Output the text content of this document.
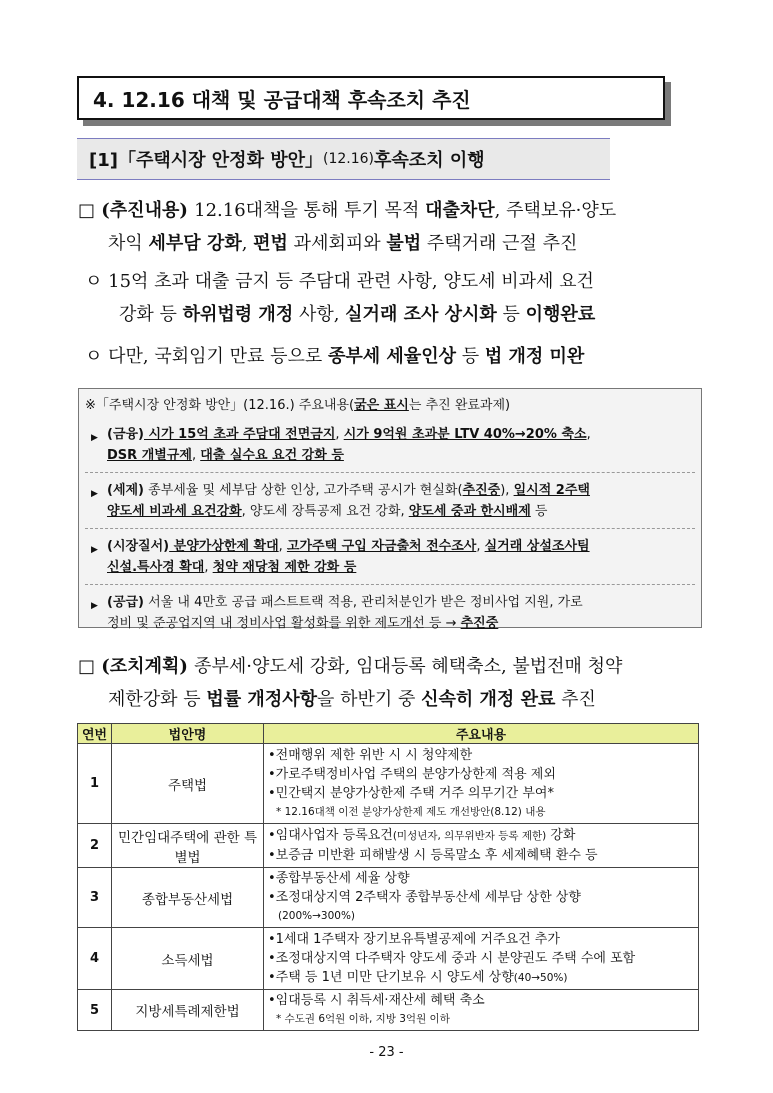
4. 12.16 대책 및 공급대책 후속조치 추진
[1]「주택시장 안정화 방안」 (12.16) 후속조치 이행
□ (추진내용) 12.16대책을 통해 투기 목적 대출차단, 주택보유·양도
차익 세부담 강화, 편법 과세회피와 불법 주택거래 근절 추진
ㅇ 15억 초과 대출 금지 등 주담대 관련 사항, 양도세 비과세 요건
강화 등 하위법령 개정 사항, 실거래 조사 상시화 등 이행완료
ㅇ 다만, 국회임기 만료 등으로 종부세 세율인상 등 법 개정 미완
※「주택시장 안정화 방안」(12.16.) 주요내용(굵은 표시는 추진 완료과제)
▶ (금융) 시가 15억 초과 주담대 전면금지, 시가 9억원 초과분 LTV 40%→20% 축소,
DSR 개별규제, 대출 실수요 요건 강화 등
▶ (세제) 종부세율 및 세부담 상한 인상, 고가주택 공시가 현실화(추진중), 일시적 2주택
양도세 비과세 요건강화, 양도세 장특공제 요건 강화, 양도세 중과 한시배제 등
▶ (시장질서) 분양가상한제 확대, 고가주택 구입 자금출처 전수조사, 실거래 상설조사팀
신설.특사경 확대, 청약 재당첨 제한 강화 등
▶ (공급) 서울 내 4만호 공급 패스트트랙 적용, 관리처분인가 받은 정비사업 지원, 가로
정비 및 준공업지역 내 정비사업 활성화를 위한 제도개선 등 → 추진중
□ (조치계획) 종부세·양도세 강화, 임대등록 혜택축소, 불법전매 청약
제한강화 등 법률 개정사항을 하반기 중 신속히 개정 완료 추진
연번	법안명	주요내용
1	주택법	•전매행위 제한 위반 시 시 청약제한
•가로주택정비사업 주택의 분양가상한제 적용 제외
•민간택지 분양가상한제 주택 거주 의무기간 부여*
* 12.16대책 이전 분양가상한제 제도 개선방안(8.12) 내용

2	민간임대주택에 관한 특별법	•임대사업자 등록요건(미성년자, 의무위반자 등록 제한) 강화
•보증금 미반환 피해발생 시 등록말소 후 세제혜택 환수 등

3	종합부동산세법	•종합부동산세 세율 상향
•조정대상지역 2주택자 종합부동산세 세부담 상한 상향
(200%→300%)

4	소득세법	•1세대 1주택자 장기보유특별공제에 거주요건 추가
•조정대상지역 다주택자 양도세 중과 시 분양권도 주택 수에 포함
•주택 등 1년 미만 단기보유 시 양도세 상향(40→50%)

5	지방세특례제한법	•임대등록 시 취득세·재산세 혜택 축소
* 수도권 6억원 이하, 지방 3억원 이하
- 23 -
